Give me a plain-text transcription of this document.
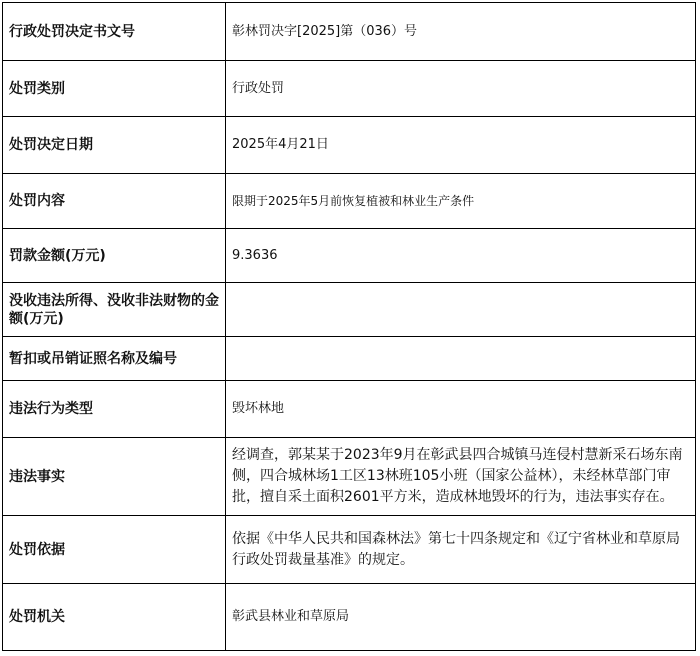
行政处罚决定书文号	彰林罚决字[2025]第（036）号
处罚类别	行政处罚
处罚决定日期	2025年4月21日
处罚内容	限期于2025年5月前恢复植被和林业生产条件
罚款金额(万元)	9.3636
没收违法所得、没收非法财物的金额(万元)	
暂扣或吊销证照名称及编号	
违法行为类型	毁坏林地
违法事实	经调查，郭某某于2023年9月在彰武县四合城镇马连侵村慧新采石场东南侧，四合城林场1工区13林班105小班（国家公益林），未经林草部门审批，擅自采土面积2601平方米，造成林地毁坏的行为，违法事实存在。
处罚依据	依据《中华人民共和国森林法》第七十四条规定和《辽宁省林业和草原局行政处罚裁量基准》的规定。
处罚机关	彰武县林业和草原局
